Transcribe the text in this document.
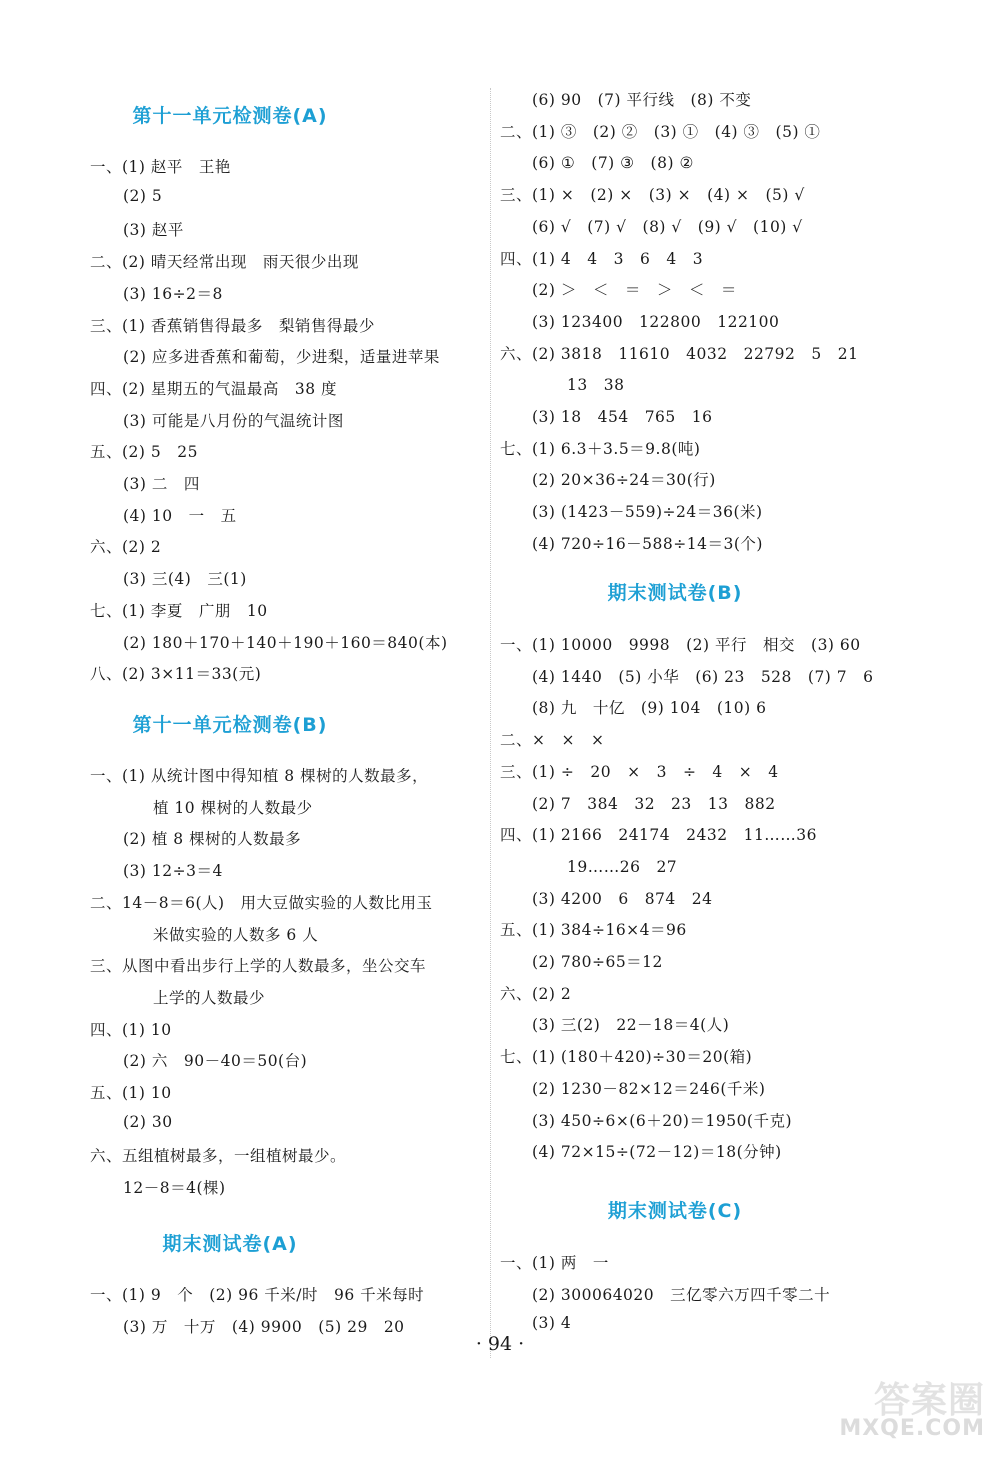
第十一单元检测卷(A)
一、(1) 赵平　王艳
(2) 5
(3) 赵平
二、(2) 晴天经常出现　雨天很少出现
(3) 16÷2＝8
三、(1) 香蕉销售得最多　梨销售得最少
(2) 应多进香蕉和葡萄，少进梨，适量进苹果
四、(2) 星期五的气温最高　38 度
(3) 可能是八月份的气温统计图
五、(2) 5　25
(3) 二　四
(4) 10　一　五
六、(2) 2
(3) 三(4)　三(1)
七、(1) 李夏　广朋　10
(2) 180＋170＋140＋190＋160＝840(本)
八、(2) 3×11＝33(元)
第十一单元检测卷(B)
一、(1) 从统计图中得知植 8 棵树的人数最多，
植 10 棵树的人数最少
(2) 植 8 棵树的人数最多
(3) 12÷3＝4
二、14－8＝6(人)　用大豆做实验的人数比用玉
米做实验的人数多 6 人
三、从图中看出步行上学的人数最多，坐公交车
上学的人数最少
四、(1) 10
(2) 六　90－40＝50(台)
五、(1) 10
(2) 30
六、五组植树最多，一组植树最少。
12－8＝4(棵)
期末测试卷(A)
一、(1) 9　个　(2) 96 千米/时　96 千米每时
(3) 万　十万　(4) 9900　(5) 29　20
(6) 90　(7) 平行线　(8) 不变
二、(1) ③　(2) ②　(3) ①　(4) ③　(5) ①
(6) ①　(7) ③　(8) ②
三、(1) ×　(2) ×　(3) ×　(4) ×　(5) √
(6) √　(7) √　(8) √　(9) √　(10) √
四、(1) 4　4　3　6　4　3
(2) ＞　＜　＝　＞　＜　＝
(3) 123400　122800　122100
六、(2) 3818　11610　4032　22792　5　21
13　38
(3) 18　454　765　16
七、(1) 6.3＋3.5＝9.8(吨)
(2) 20×36÷24＝30(行)
(3) (1423－559)÷24＝36(米)
(4) 720÷16－588÷14＝3(个)
期末测试卷(B)
一、(1) 10000　9998　(2) 平行　相交　(3) 60
(4) 1440　(5) 小华　(6) 23　528　(7) 7　6
(8) 九　十亿　(9) 104　(10) 6
二、×　×　×
三、(1) ÷　20　×　3　÷　4　×　4
(2) 7　384　32　23　13　882
四、(1) 2166　24174　2432　11……36
19……26　27
(3) 4200　6　874　24
五、(1) 384÷16×4＝96
(2) 780÷65＝12
六、(2) 2
(3) 三(2)　22－18＝4(人)
七、(1) (180＋420)÷30＝20(箱)
(2) 1230－82×12＝246(千米)
(3) 450÷6×(6＋20)＝1950(千克)
(4) 72×15÷(72－12)＝18(分钟)
期末测试卷(C)
一、(1) 两　一
(2) 300064020　三亿零六万四千零二十
(3) 4
· 94 ·
答案圈
MXQE.COM
